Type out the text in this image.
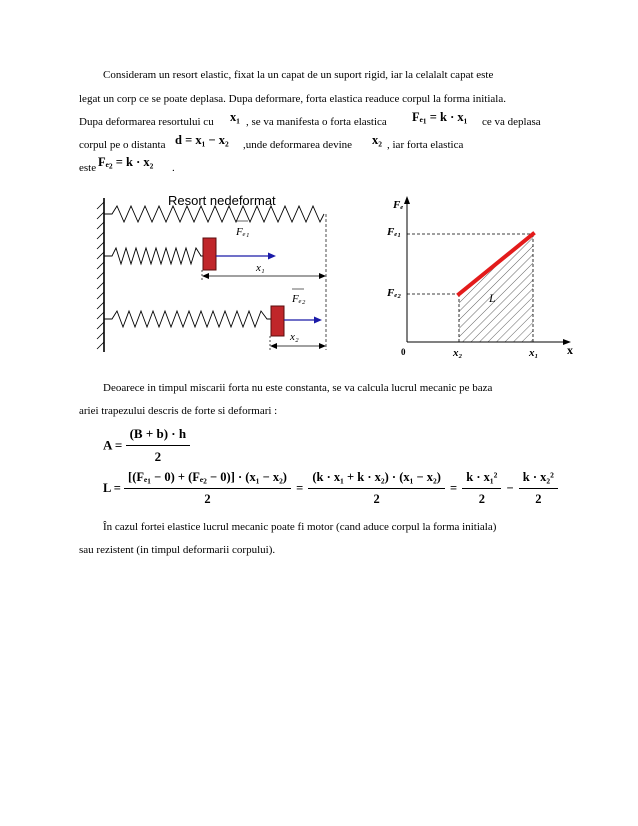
Consideram un resort elastic, fixat la un capat de un suport rigid, iar la celalalt capat este
legat un corp ce se poate deplasa. Dupa deformare, forta elastica readuce corpul la forma initiala.
Dupa deformarea resortului cu x₁ , se va manifesta o forta elastica Fₑ₁ = k · x₁ ce va deplasa
corpul pe o distanta d = x₁ − x₂ ,unde deformarea devine x₂ , iar forta elastica
este Fₑ₂ = k · x₂ .
Resort nedeformat
Fₑ₁
x₁
Fₑ₂
x₂
Fₑ
Fₑ₁
Fₑ₂	L
0	x₂	x₁ x
Deoarece in timpul miscarii forta nu este constanta, se va calcula lucrul mecanic pe baza
ariei trapezului descris de forte si deformari :
$A = \frac{(B + b) \cdot h}{2}$
$L = \frac{\text{[(Fₑ₁ − 0) + (Fₑ₂ − 0)] · (x₁ − x₂)}}{2} = \frac{\text{(k · x₁ + k · x₂) · (x₁ − x₂)}}{2} = \frac{\text{k · x₁²}}{2} - \frac{\text{k · x₂²}}{2}$
În cazul fortei elastice lucrul mecanic poate fi motor (cand aduce corpul la forma initiala)
sau rezistent (in timpul deformarii corpului).
